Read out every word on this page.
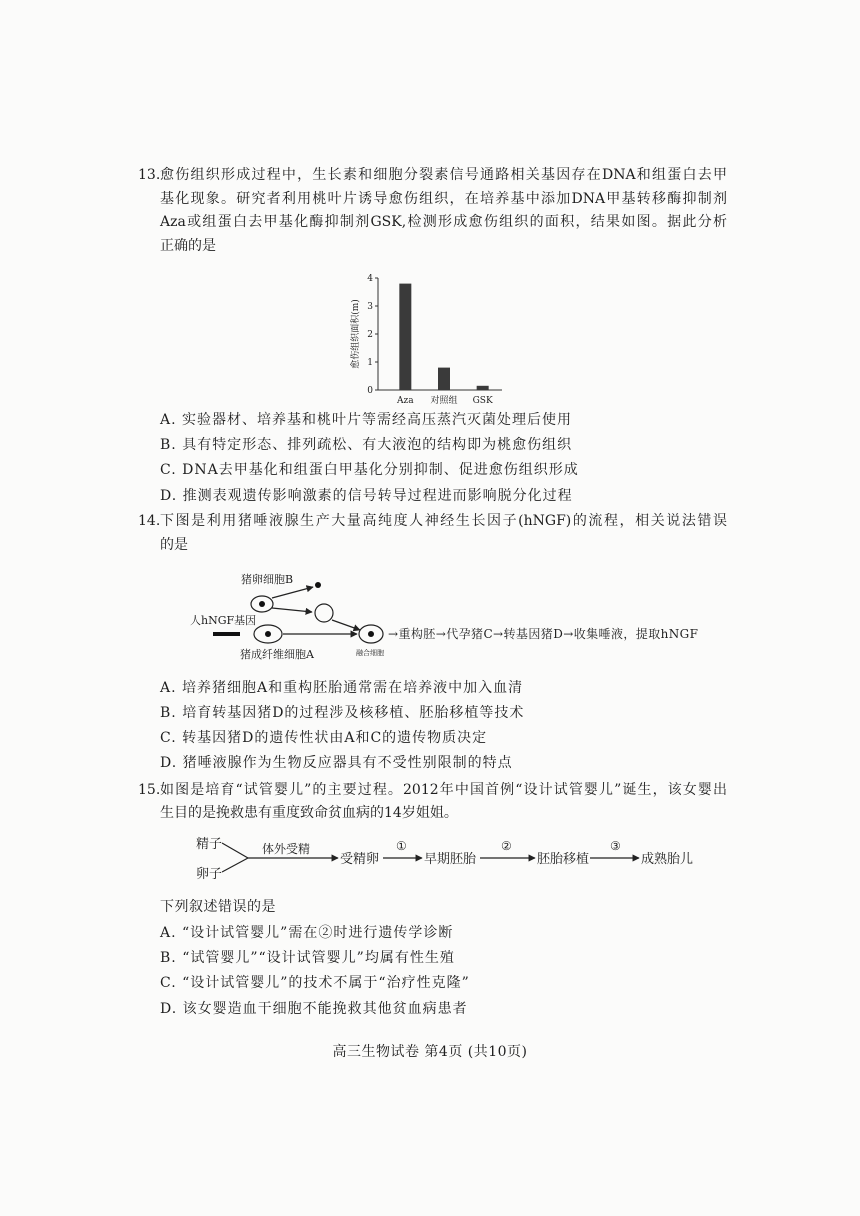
13. 愈伤组织形成过程中，生长素和细胞分裂素信号通路相关基因存在DNA和组蛋白去甲
基化现象。研究者利用桃叶片诱导愈伤组织，在培养基中添加DNA甲基转移酶抑制剂
Aza或组蛋白去甲基化酶抑制剂GSK,检测形成愈伤组织的面积，结果如图。据此分析
正确的是
0
1
2
3
4
Aza 对照组 GSK
愈伤组织面积(m)
A. 实验器材、培养基和桃叶片等需经高压蒸汽灭菌处理后使用
B. 具有特定形态、排列疏松、有大液泡的结构即为桃愈伤组织
C. DNA去甲基化和组蛋白甲基化分别抑制、促进愈伤组织形成
D. 推测表观遗传影响激素的信号转导过程进而影响脱分化过程
14. 下图是利用猪唾液腺生产大量高纯度人神经生长因子(hNGF)的流程，相关说法错误
的是
猪卵细胞B
人hNGF基因
融合细胞
猪成纤维细胞A
→重构胚→代孕猪C→转基因猪D→收集唾液，提取hNGF
A. 培养猪细胞A和重构胚胎通常需在培养液中加入血清
B. 培育转基因猪D的过程涉及核移植、胚胎移植等技术
C. 转基因猪D的遗传性状由A和C的遗传物质决定
D. 猪唾液腺作为生物反应器具有不受性别限制的特点
15. 如图是培育“试管婴儿”的主要过程。2012年中国首例“设计试管婴儿”诞生，该女婴出
生目的是挽救患有重度致命贫血病的14岁姐姐。
精子
卵子
体外受精
受精卵
①
早期胚胎
②
胚胎移植
③
成熟胎儿
下列叙述错误的是
A. “设计试管婴儿”需在②时进行遗传学诊断
B. “试管婴儿”“设计试管婴儿”均属有性生殖
C. “设计试管婴儿”的技术不属于“治疗性克隆”
D. 该女婴造血干细胞不能挽救其他贫血病患者
高三生物试卷 第4页 (共10页)
